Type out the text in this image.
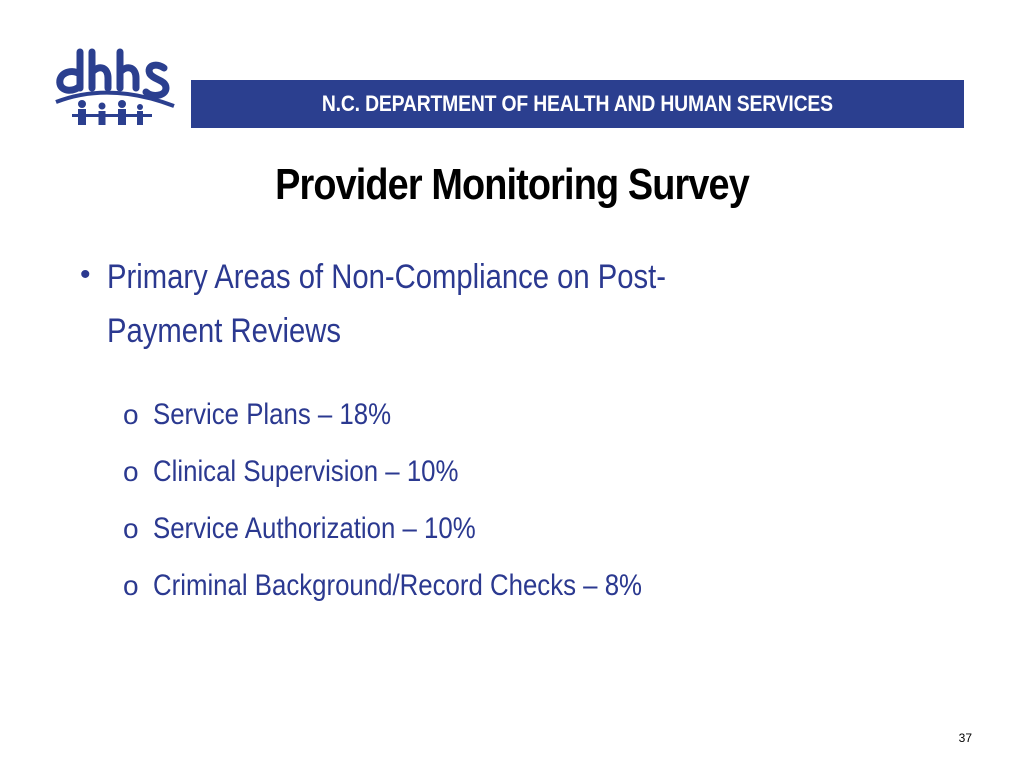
N.C. DEPARTMENT OF HEALTH AND HUMAN SERVICES
Provider Monitoring Survey
• Primary Areas of Non-Compliance on Post-Payment Reviews
o Service Plans – 18%
o Clinical Supervision – 10%
o Service Authorization – 10%
o Criminal Background/Record Checks – 8%
37
